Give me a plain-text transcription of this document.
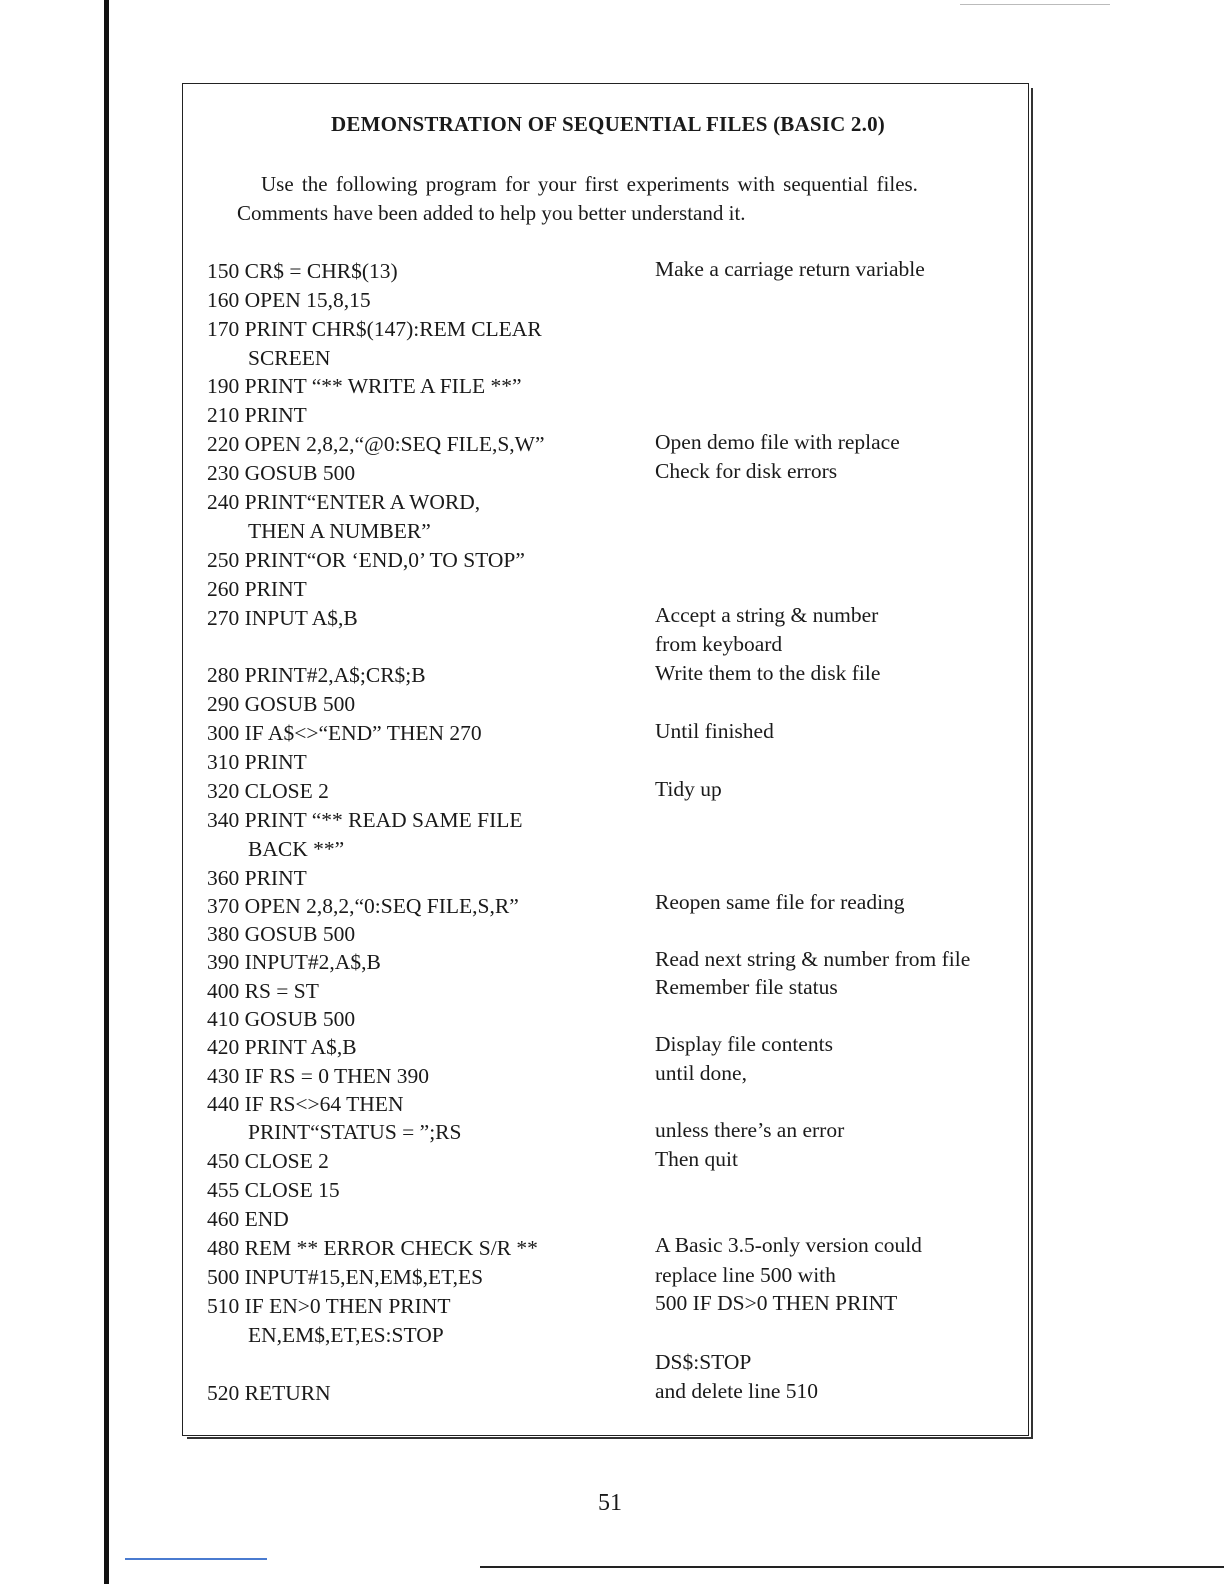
DEMONSTRATION OF SEQUENTIAL FILES (BASIC 2.0)
Use the following program for your first experiments with sequential files.
Comments have been added to help you better understand it.
150 CR$ = CHR$(13)
160 OPEN 15,8,15
170 PRINT CHR$(147):REM CLEAR
SCREEN
190 PRINT “** WRITE A FILE **”
210 PRINT
220 OPEN 2,8,2,“@0:SEQ FILE,S,W”
230 GOSUB 500
240 PRINT“ENTER A WORD,
THEN A NUMBER”
250 PRINT“OR ‘END,0’ TO STOP”
260 PRINT
270 INPUT A$,B
280 PRINT#2,A$;CR$;B
290 GOSUB 500
300 IF A$<>“END” THEN 270
310 PRINT
320 CLOSE 2
340 PRINT “** READ SAME FILE
BACK **”
360 PRINT
370 OPEN 2,8,2,“0:SEQ FILE,S,R”
380 GOSUB 500
390 INPUT#2,A$,B
400 RS = ST
410 GOSUB 500
420 PRINT A$,B
430 IF RS = 0 THEN 390
440 IF RS<>64 THEN
PRINT“STATUS = ”;RS
450 CLOSE 2
455 CLOSE 15
460 END
480 REM ** ERROR CHECK S/R **
500 INPUT#15,EN,EM$,ET,ES
510 IF EN>0 THEN PRINT
EN,EM$,ET,ES:STOP
520 RETURN
Make a carriage return variable
Open demo file with replace
Check for disk errors
Accept a string & number
from keyboard
Write them to the disk file
Until finished
Tidy up
Reopen same file for reading
Read next string & number from file
Remember file status
Display file contents
until done,
unless there’s an error
Then quit
A Basic 3.5-only version could
replace line 500 with
500 IF DS>0 THEN PRINT
DS$:STOP
and delete line 510
51
